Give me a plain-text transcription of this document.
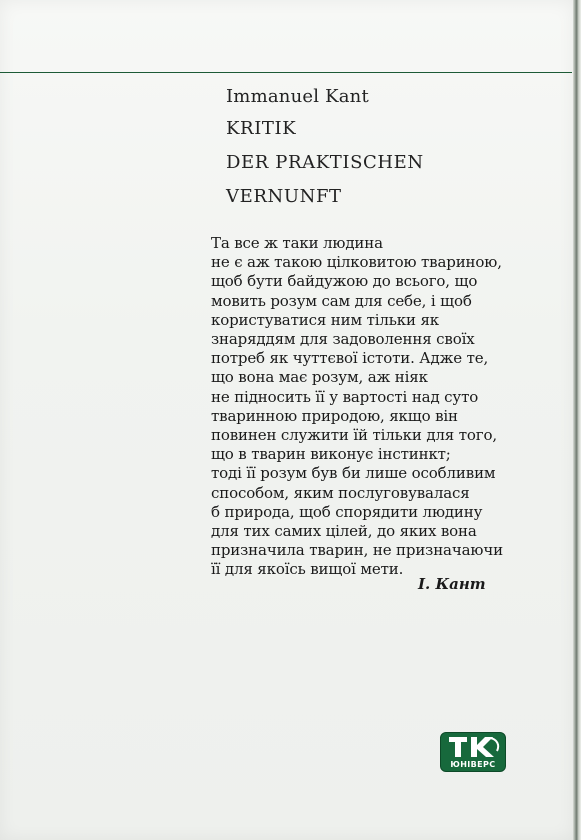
Immanuel Kant
KRITIK
DER PRAKTISCHEN
VERNUNFT
Та все ж таки людина
не є аж такою цілковитою твариною,
щоб бути байдужою до всього, що
мовить розум сам для себе, і щоб
користуватися ним тільки як
знаряддям для задоволення своїх
потреб як чуттєвої істоти. Адже те,
що вона має розум, аж ніяк
не підносить її у вартості над суто
тваринною природою, якщо він
повинен служити їй тільки для того,
що в тварин виконує інстинкт;
тоді її розум був би лише особливим
способом, яким послуговувалася
б природа, щоб спорядити людину
для тих самих цілей, до яких вона
призначила тварин, не призначаючи
її для якоїсь вищої мети.
І. Кант
ЮНІВЕРС
